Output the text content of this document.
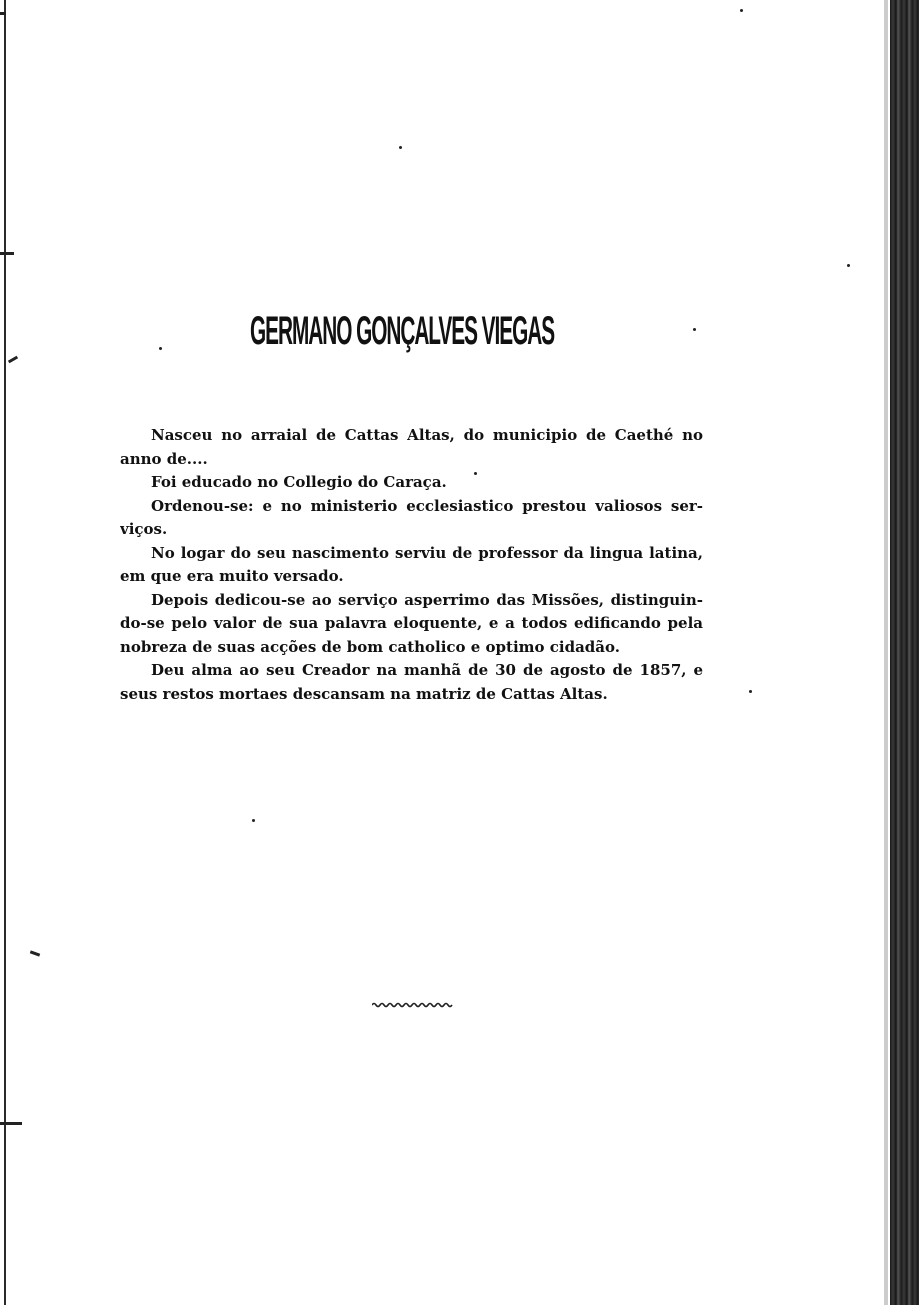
GERMANO GONÇALVES VIEGAS
Nasceu no arraial de Cattas Altas, do municipio de Caethé no
anno de....
Foi educado no Collegio do Caraça.
Ordenou-se: e no ministerio ecclesiastico prestou valiosos ser-
viços.
No logar do seu nascimento serviu de professor da lingua latina,
em que era muito versado.
Depois dedicou-se ao serviço asperrimo das Missões, distinguin-
do-se pelo valor de sua palavra eloquente, e a todos edificando pela
nobreza de suas acções de bom catholico e optimo cidadão.
Deu alma ao seu Creador na manhã de 30 de agosto de 1857, e
seus restos mortaes descansam na matriz de Cattas Altas.
